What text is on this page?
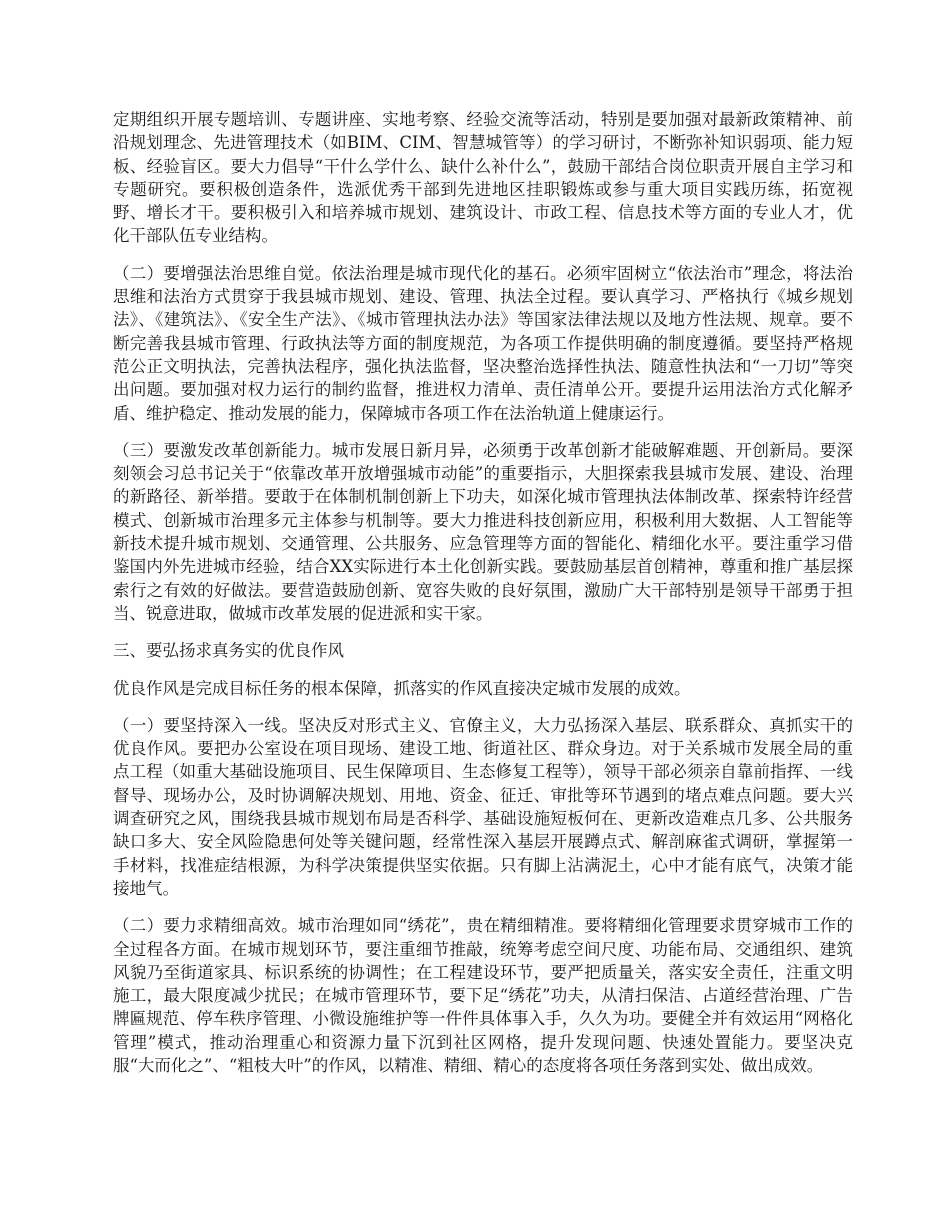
定期组织开展专题培训、专题讲座、实地考察、经验交流等活动，特别是要加强对最新政策精神、前沿规划理念、先进管理技术（如BIM、CIM、智慧城管等）的学习研讨，不断弥补知识弱项、能力短板、经验盲区。要大力倡导“干什么学什么、缺什么补什么”，鼓励干部结合岗位职责开展自主学习和专题研究。要积极创造条件，选派优秀干部到先进地区挂职锻炼或参与重大项目实践历练，拓宽视野、增长才干。要积极引入和培养城市规划、建筑设计、市政工程、信息技术等方面的专业人才，优化干部队伍专业结构。

（二）要增强法治思维自觉。依法治理是城市现代化的基石。必须牢固树立“依法治市”理念，将法治思维和法治方式贯穿于我县城市规划、建设、管理、执法全过程。要认真学习、严格执行《城乡规划法》、《建筑法》、《安全生产法》、《城市管理执法办法》等国家法律法规以及地方性法规、规章。要不断完善我县城市管理、行政执法等方面的制度规范，为各项工作提供明确的制度遵循。要坚持严格规范公正文明执法，完善执法程序，强化执法监督，坚决整治选择性执法、随意性执法和“一刀切”等突出问题。要加强对权力运行的制约监督，推进权力清单、责任清单公开。要提升运用法治方式化解矛盾、维护稳定、推动发展的能力，保障城市各项工作在法治轨道上健康运行。

（三）要激发改革创新能力。城市发展日新月异，必须勇于改革创新才能破解难题、开创新局。要深刻领会习总书记关于“依靠改革开放增强城市动能”的重要指示，大胆探索我县城市发展、建设、治理的新路径、新举措。要敢于在体制机制创新上下功夫，如深化城市管理执法体制改革、探索特许经营模式、创新城市治理多元主体参与机制等。要大力推进科技创新应用，积极利用大数据、人工智能等新技术提升城市规划、交通管理、公共服务、应急管理等方面的智能化、精细化水平。要注重学习借鉴国内外先进城市经验，结合XX实际进行本土化创新实践。要鼓励基层首创精神，尊重和推广基层探索行之有效的好做法。要营造鼓励创新、宽容失败的良好氛围，激励广大干部特别是领导干部勇于担当、锐意进取，做城市改革发展的促进派和实干家。

三、要弘扬求真务实的优良作风

优良作风是完成目标任务的根本保障，抓落实的作风直接决定城市发展的成效。

（一）要坚持深入一线。坚决反对形式主义、官僚主义，大力弘扬深入基层、联系群众、真抓实干的优良作风。要把办公室设在项目现场、建设工地、街道社区、群众身边。对于关系城市发展全局的重点工程（如重大基础设施项目、民生保障项目、生态修复工程等），领导干部必须亲自靠前指挥、一线督导、现场办公，及时协调解决规划、用地、资金、征迁、审批等环节遇到的堵点难点问题。要大兴调查研究之风，围绕我县城市规划布局是否科学、基础设施短板何在、更新改造难点几多、公共服务缺口多大、安全风险隐患何处等关键问题，经常性深入基层开展蹲点式、解剖麻雀式调研，掌握第一手材料，找准症结根源，为科学决策提供坚实依据。只有脚上沾满泥土，心中才能有底气，决策才能接地气。

（二）要力求精细高效。城市治理如同“绣花”，贵在精细精准。要将精细化管理要求贯穿城市工作的全过程各方面。在城市规划环节，要注重细节推敲，统筹考虑空间尺度、功能布局、交通组织、建筑风貌乃至街道家具、标识系统的协调性；在工程建设环节，要严把质量关，落实安全责任，注重文明施工，最大限度减少扰民；在城市管理环节，要下足“绣花”功夫，从清扫保洁、占道经营治理、广告牌匾规范、停车秩序管理、小微设施维护等一件件具体事入手，久久为功。要健全并有效运用“网格化管理”模式，推动治理重心和资源力量下沉到社区网格，提升发现问题、快速处置能力。要坚决克服“大而化之”、“粗枝大叶”的作风，以精准、精细、精心的态度将各项任务落到实处、做出成效。
